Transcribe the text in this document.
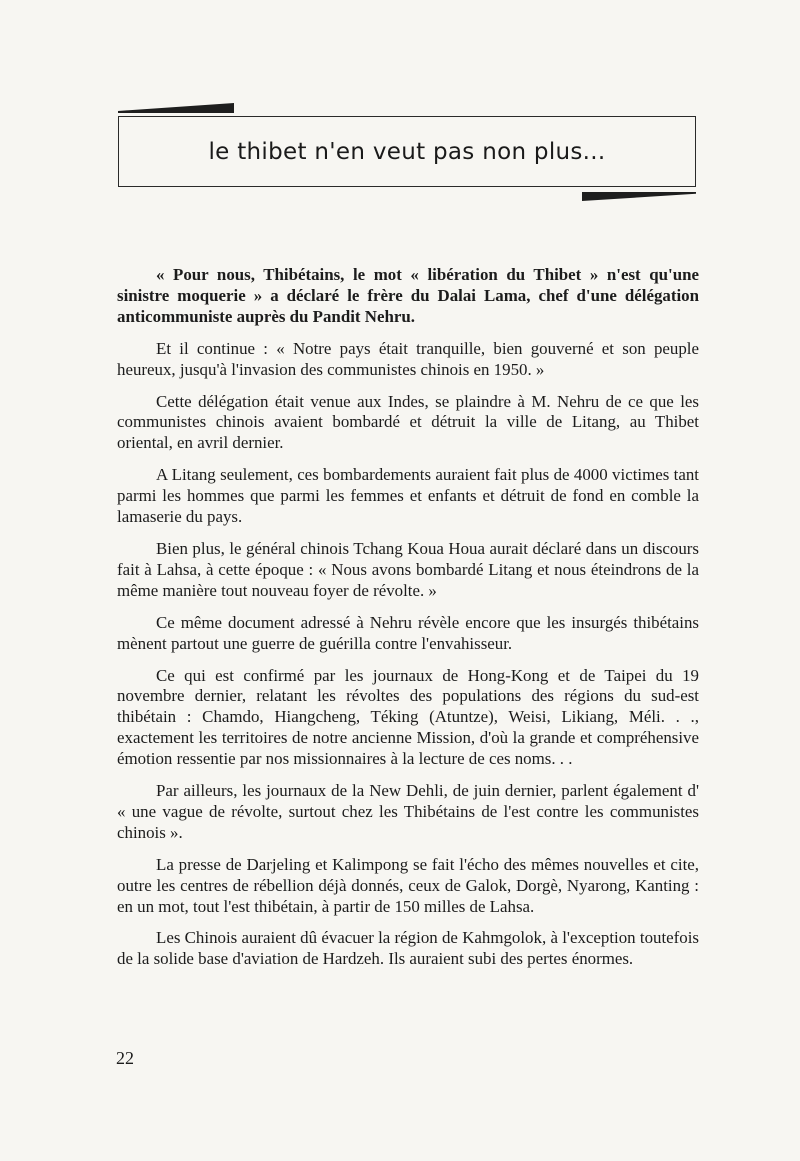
le thibet n'en veut pas non plus...

« Pour nous, Thibétains, le mot « libération du Thibet » n'est qu'une sinistre moquerie » a déclaré le frère du Dalai Lama, chef d'une délégation anticommuniste auprès du Pandit Nehru.

Et il continue : « Notre pays était tranquille, bien gouverné et son peuple heureux, jusqu'à l'invasion des communistes chinois en 1950. »

Cette délégation était venue aux Indes, se plaindre à M. Nehru de ce que les communistes chinois avaient bombardé et détruit la ville de Litang, au Thibet oriental, en avril dernier.

A Litang seulement, ces bombardements auraient fait plus de 4000 victimes tant parmi les hommes que parmi les femmes et enfants et détruit de fond en comble la lamaserie du pays.

Bien plus, le général chinois Tchang Koua Houa aurait déclaré dans un discours fait à Lahsa, à cette époque : « Nous avons bombardé Litang et nous éteindrons de la même manière tout nouveau foyer de révolte. »

Ce même document adressé à Nehru révèle encore que les insurgés thibétains mènent partout une guerre de guérilla contre l'envahisseur.

Ce qui est confirmé par les journaux de Hong-Kong et de Taipei du 19 novembre dernier, relatant les révoltes des populations des régions du sud-est thibétain : Chamdo, Hiangcheng, Téking (Atuntze), Weisi, Likiang, Méli. . ., exactement les territoires de notre ancienne Mission, d'où la grande et compréhensive émotion ressentie par nos missionnaires à la lecture de ces noms. . .

Par ailleurs, les journaux de la New Dehli, de juin dernier, parlent également d' « une vague de révolte, surtout chez les Thibétains de l'est contre les communistes chinois ».

La presse de Darjeling et Kalimpong se fait l'écho des mêmes nouvelles et cite, outre les centres de rébellion déjà donnés, ceux de Galok, Dorgè, Nyarong, Kanting : en un mot, tout l'est thibétain, à partir de 150 milles de Lahsa.

Les Chinois auraient dû évacuer la région de Kahmgolok, à l'exception toutefois de la solide base d'aviation de Hardzeh. Ils auraient subi des pertes énormes.

22
